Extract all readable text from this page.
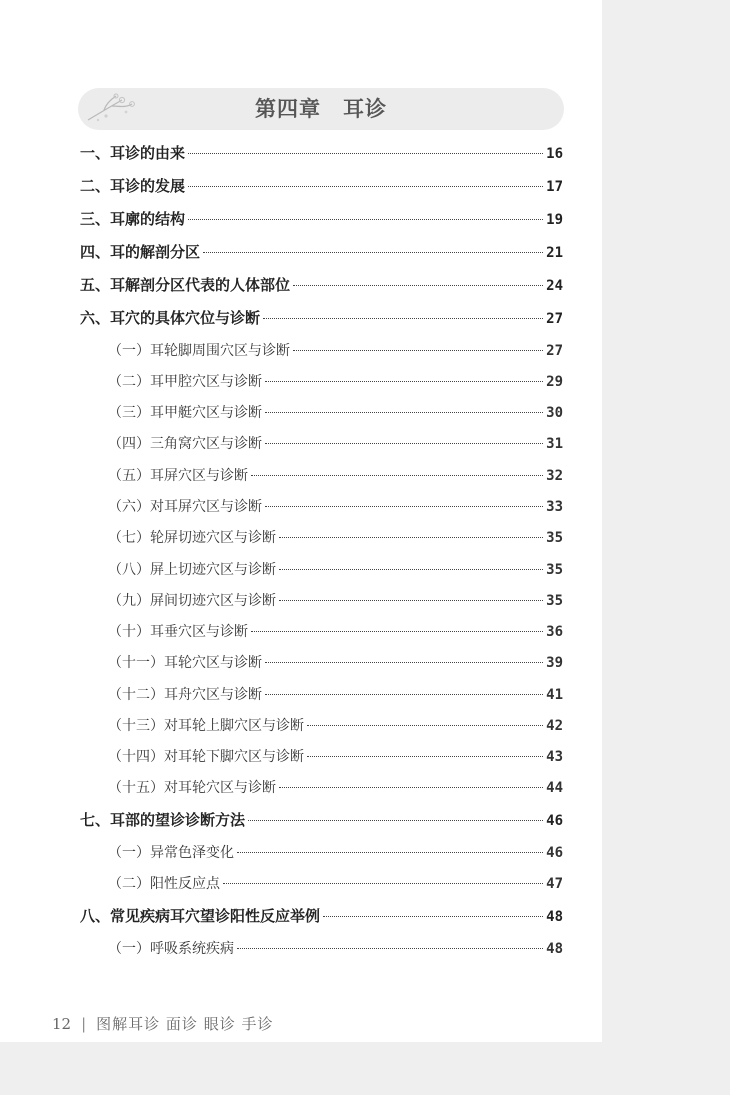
第四章　耳诊
一、耳诊的由来	16
二、耳诊的发展	17
三、耳廓的结构	19
四、耳的解剖分区	21
五、耳解剖分区代表的人体部位	24
六、耳穴的具体穴位与诊断	27
（一）耳轮脚周围穴区与诊断	27
（二）耳甲腔穴区与诊断	29
（三）耳甲艇穴区与诊断	30
（四）三角窝穴区与诊断	31
（五）耳屏穴区与诊断	32
（六）对耳屏穴区与诊断	33
（七）轮屏切迹穴区与诊断	35
（八）屏上切迹穴区与诊断	35
（九）屏间切迹穴区与诊断	35
（十）耳垂穴区与诊断	36
（十一）耳轮穴区与诊断	39
（十二）耳舟穴区与诊断	41
（十三）对耳轮上脚穴区与诊断	42
（十四）对耳轮下脚穴区与诊断	43
（十五）对耳轮穴区与诊断	44
七、耳部的望诊诊断方法	46
（一）异常色泽变化	46
（二）阳性反应点	47
八、常见疾病耳穴望诊阳性反应举例	48
（一）呼吸系统疾病	48
12 | 图解耳诊 面诊 眼诊 手诊
